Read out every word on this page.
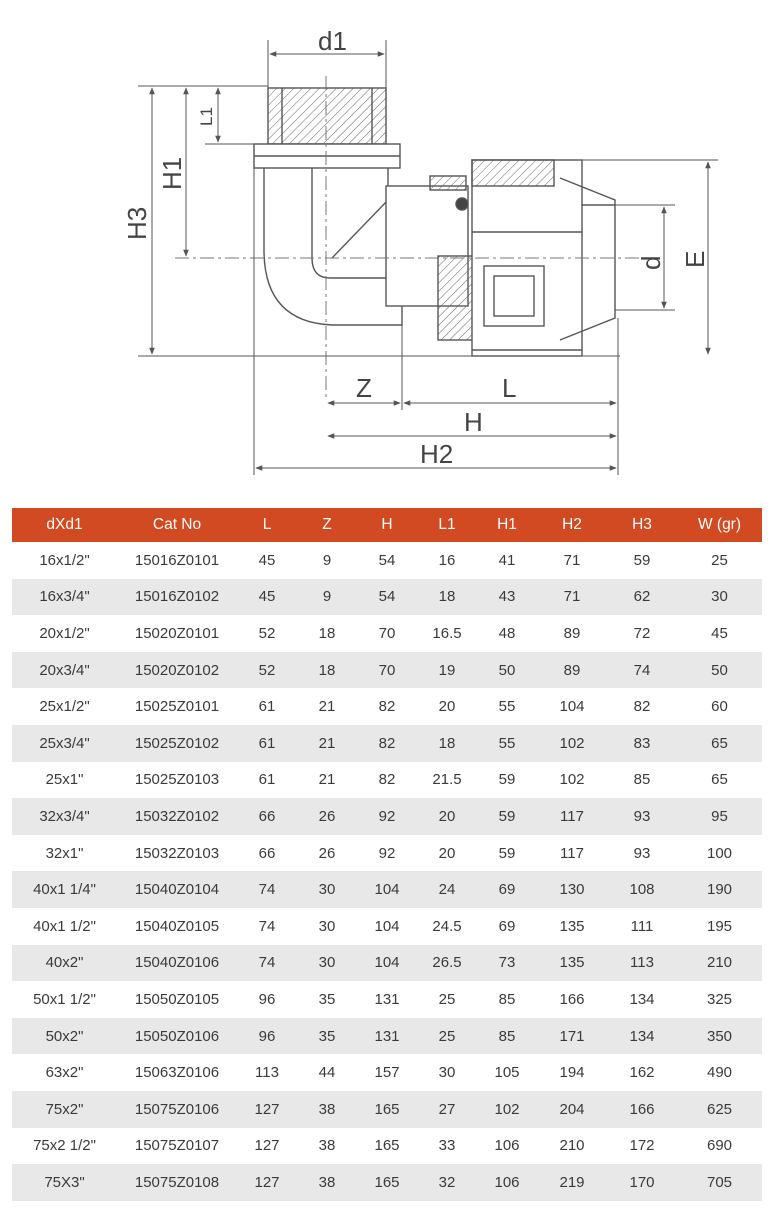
d1
H3
H1
L1
d E
Z	L
H
H2
dXd1	Cat No	L	Z	H	L1	H1	H2	H3	W (gr)
16x1/2"	15016Z0101	45	9	54	16	41	71	59	25
16x3/4"	15016Z0102	45	9	54	18	43	71	62	30
20x1/2"	15020Z0101	52	18	70	16.5	48	89	72	45
20x3/4"	15020Z0102	52	18	70	19	50	89	74	50
25x1/2"	15025Z0101	61	21	82	20	55	104	82	60
25x3/4"	15025Z0102	61	21	82	18	55	102	83	65
25x1"	15025Z0103	61	21	82	21.5	59	102	85	65
32x3/4"	15032Z0102	66	26	92	20	59	117	93	95
32x1"	15032Z0103	66	26	92	20	59	117	93	100
40x1 1/4"	15040Z0104	74	30	104	24	69	130	108	190
40x1 1/2"	15040Z0105	74	30	104	24.5	69	135	111	195
40x2"	15040Z0106	74	30	104	26.5	73	135	113	210
50x1 1/2"	15050Z0105	96	35	131	25	85	166	134	325
50x2"	15050Z0106	96	35	131	25	85	171	134	350
63x2"	15063Z0106	113	44	157	30	105	194	162	490
75x2"	15075Z0106	127	38	165	27	102	204	166	625
75x2 1/2"	15075Z0107	127	38	165	33	106	210	172	690
75X3"	15075Z0108	127	38	165	32	106	219	170	705
